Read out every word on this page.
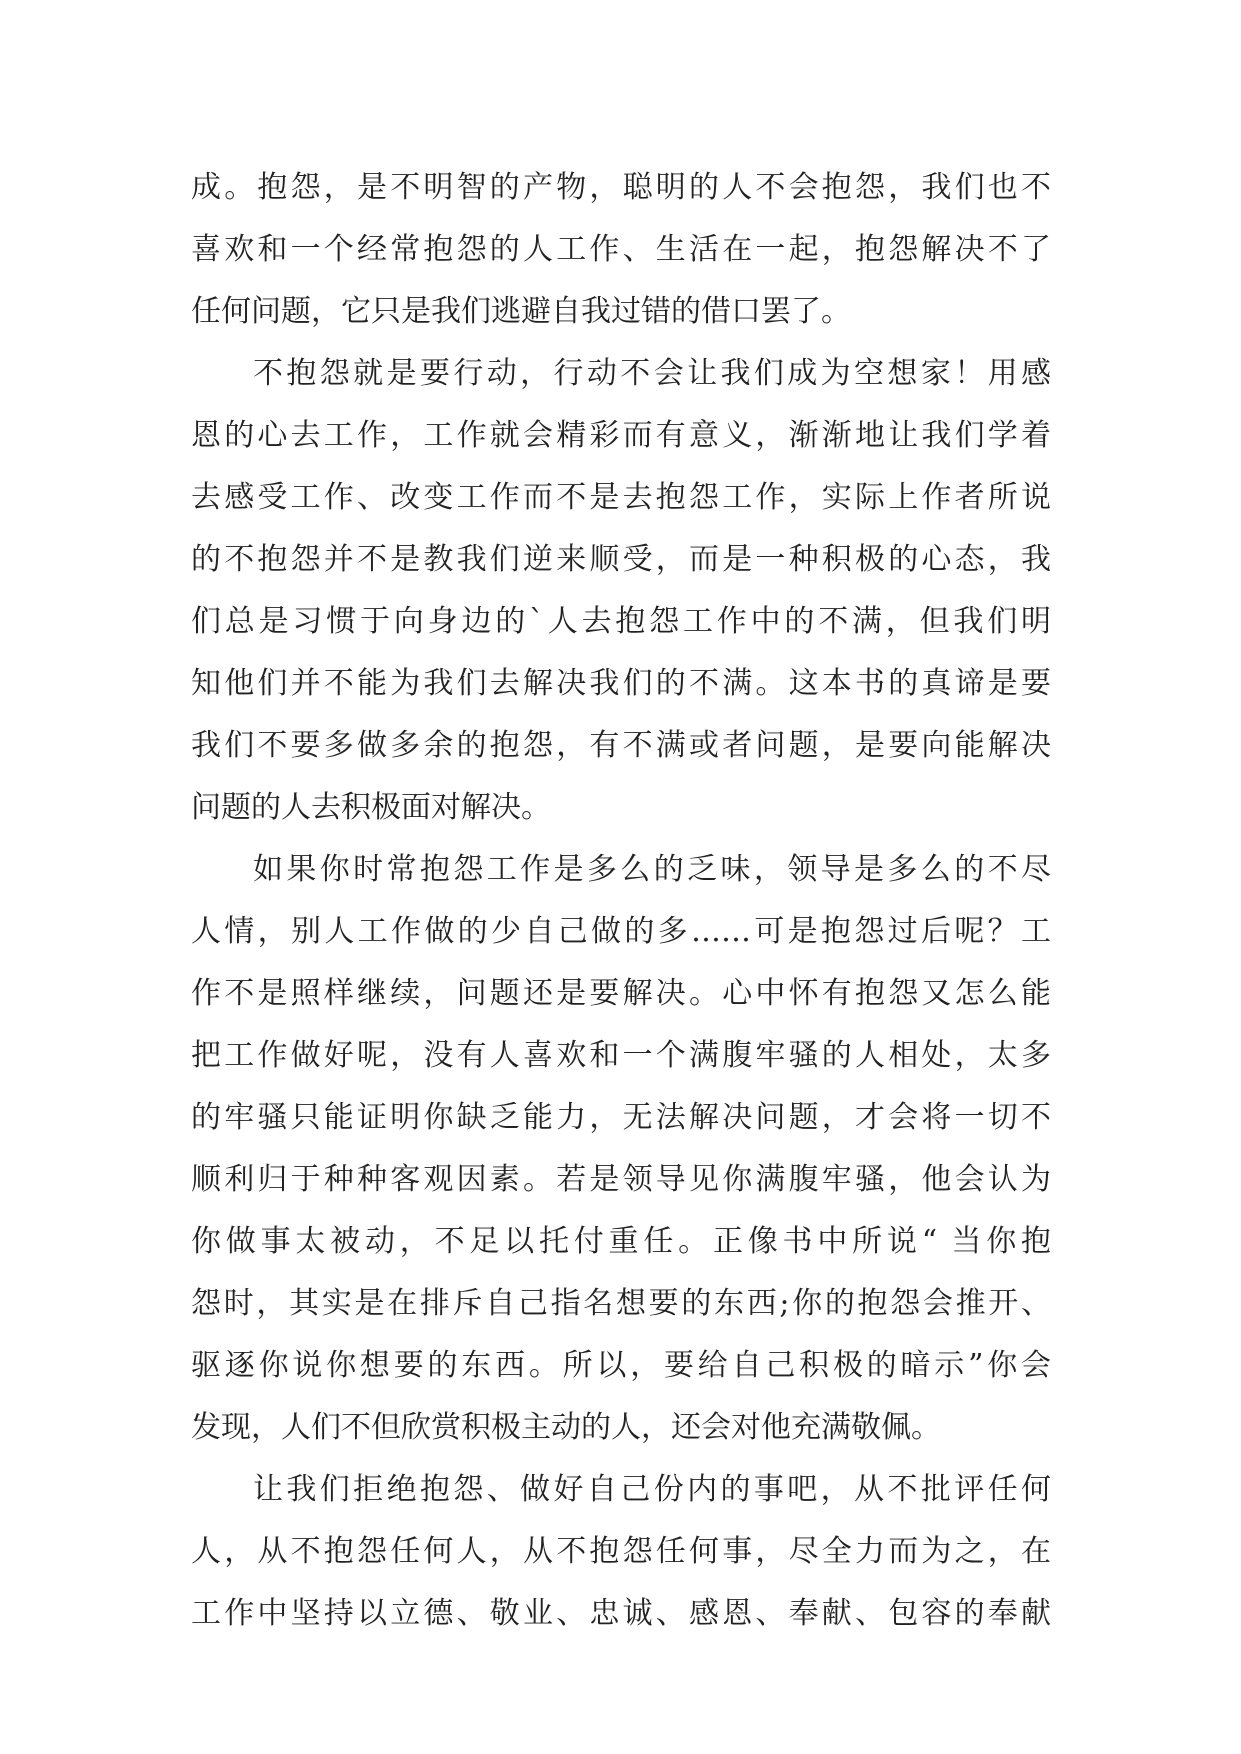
成。抱怨，是不明智的产物，聪明的人不会抱怨，我们也不
喜欢和一个经常抱怨的人工作、生活在一起，抱怨解决不了
任何问题，它只是我们逃避自我过错的借口罢了。
不抱怨就是要行动，行动不会让我们成为空想家！用感
恩的心去工作，工作就会精彩而有意义，渐渐地让我们学着
去感受工作、改变工作而不是去抱怨工作，实际上作者所说
的不抱怨并不是教我们逆来顺受，而是一种积极的心态，我
们总是习惯于向身边的`人去抱怨工作中的不满，但我们明
知他们并不能为我们去解决我们的不满。这本书的真谛是要
我们不要多做多余的抱怨，有不满或者问题，是要向能解决
问题的人去积极面对解决。
如果你时常抱怨工作是多么的乏味，领导是多么的不尽
人情，别人工作做的少自己做的多……可是抱怨过后呢？工
作不是照样继续，问题还是要解决。心中怀有抱怨又怎么能
把工作做好呢，没有人喜欢和一个满腹牢骚的人相处，太多
的牢骚只能证明你缺乏能力，无法解决问题，才会将一切不
顺利归于种种客观因素。若是领导见你满腹牢骚，他会认为
你做事太被动，不足以托付重任。正像书中所说“ 当你抱
怨时，其实是在排斥自己指名想要的东西;你的抱怨会推开、
驱逐你说你想要的东西。所以，要给自己积极的暗示”你会
发现，人们不但欣赏积极主动的人，还会对他充满敬佩。
让我们拒绝抱怨、做好自己份内的事吧，从不批评任何
人，从不抱怨任何人，从不抱怨任何事，尽全力而为之，在
工作中坚持以立德、敬业、忠诚、感恩、奉献、包容的奉献
